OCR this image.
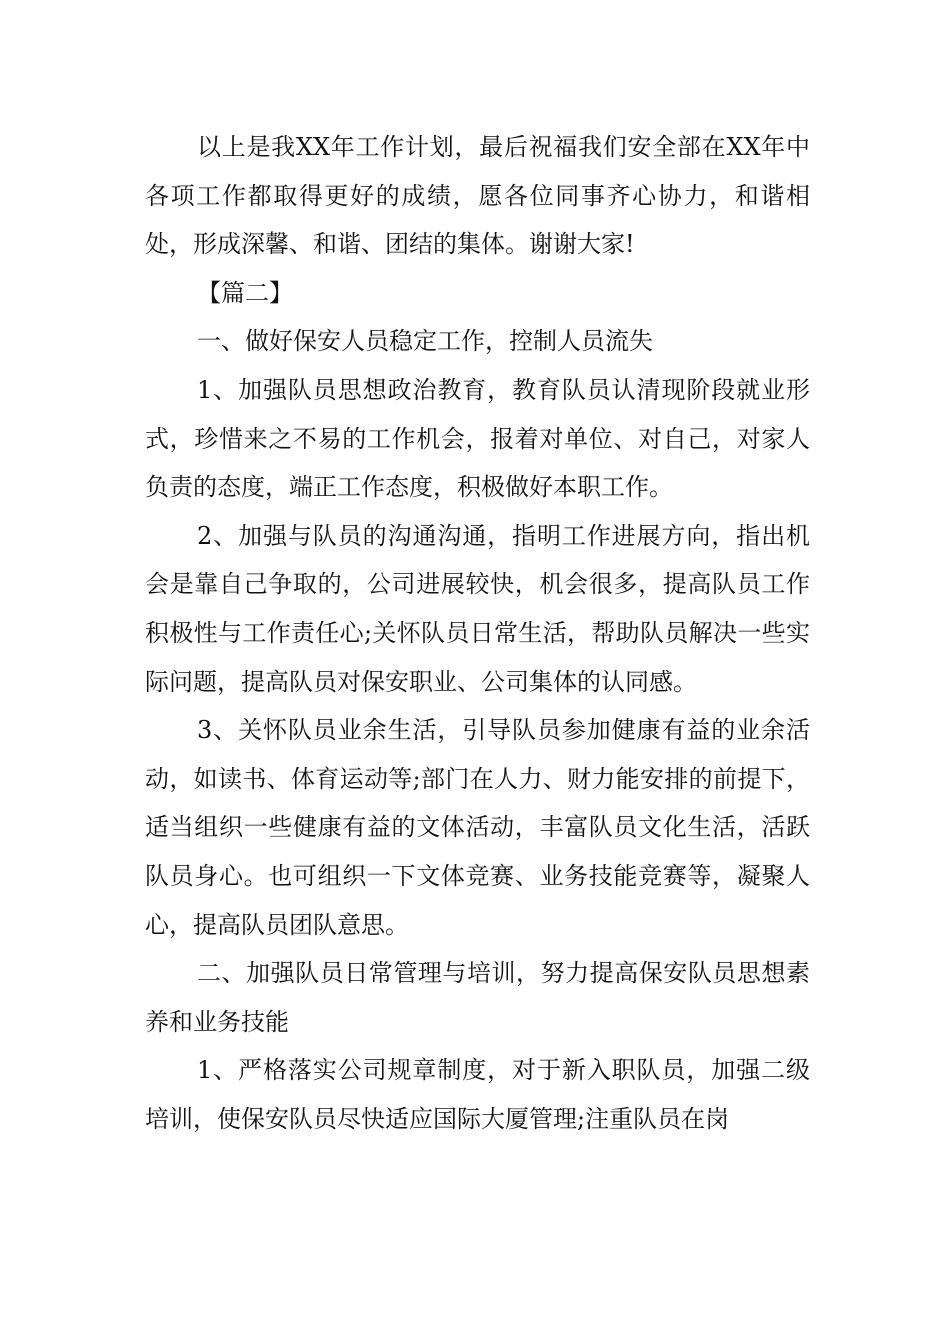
以上是我XX年工作计划，最后祝福我们安全部在XX年中各项工作都取得更好的成绩，愿各位同事齐心协力，和谐相处，形成深馨、和谐、团结的集体。谢谢大家!

【篇二】

一、做好保安人员稳定工作，控制人员流失

1、加强队员思想政治教育，教育队员认清现阶段就业形式，珍惜来之不易的工作机会，报着对单位、对自己，对家人负责的态度，端正工作态度，积极做好本职工作。

2、加强与队员的沟通沟通，指明工作进展方向，指出机会是靠自己争取的，公司进展较快，机会很多，提高队员工作积极性与工作责任心;关怀队员日常生活，帮助队员解决一些实际问题，提高队员对保安职业、公司集体的认同感。

3、关怀队员业余生活，引导队员参加健康有益的业余活动，如读书、体育运动等;部门在人力、财力能安排的前提下，适当组织一些健康有益的文体活动，丰富队员文化生活，活跃队员身心。也可组织一下文体竞赛、业务技能竞赛等，凝聚人心，提高队员团队意思。

二、加强队员日常管理与培训，努力提高保安队员思想素养和业务技能

1、严格落实公司规章制度，对于新入职队员，加强二级培训，使保安队员尽快适应国际大厦管理;注重队员在岗
